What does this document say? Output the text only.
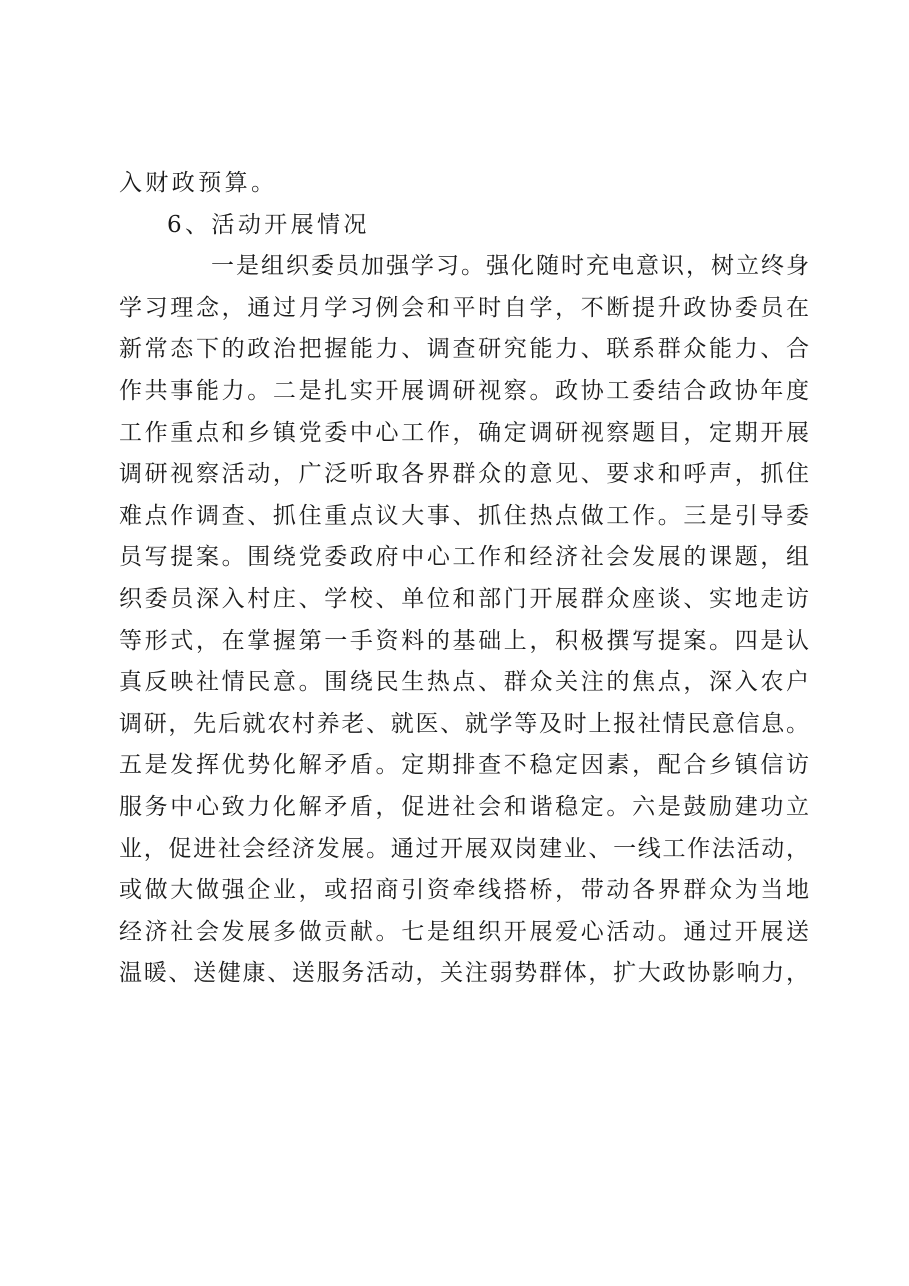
入财政预算。
6、活动开展情况
一是组织委员加强学习。强化随时充电意识，树立终身
学习理念，通过月学习例会和平时自学，不断提升政协委员在
新常态下的政治把握能力、调查研究能力、联系群众能力、合
作共事能力。二是扎实开展调研视察。政协工委结合政协年度
工作重点和乡镇党委中心工作，确定调研视察题目，定期开展
调研视察活动，广泛听取各界群众的意见、要求和呼声，抓住
难点作调查、抓住重点议大事、抓住热点做工作。三是引导委
员写提案。围绕党委政府中心工作和经济社会发展的课题，组
织委员深入村庄、学校、单位和部门开展群众座谈、实地走访
等形式，在掌握第一手资料的基础上，积极撰写提案。四是认
真反映社情民意。围绕民生热点、群众关注的焦点，深入农户
调研，先后就农村养老、就医、就学等及时上报社情民意信息。
五是发挥优势化解矛盾。定期排查不稳定因素，配合乡镇信访
服务中心致力化解矛盾，促进社会和谐稳定。六是鼓励建功立
业，促进社会经济发展。通过开展双岗建业、一线工作法活动，
或做大做强企业，或招商引资牵线搭桥，带动各界群众为当地
经济社会发展多做贡献。七是组织开展爱心活动。通过开展送
温暖、送健康、送服务活动，关注弱势群体，扩大政协影响力，
